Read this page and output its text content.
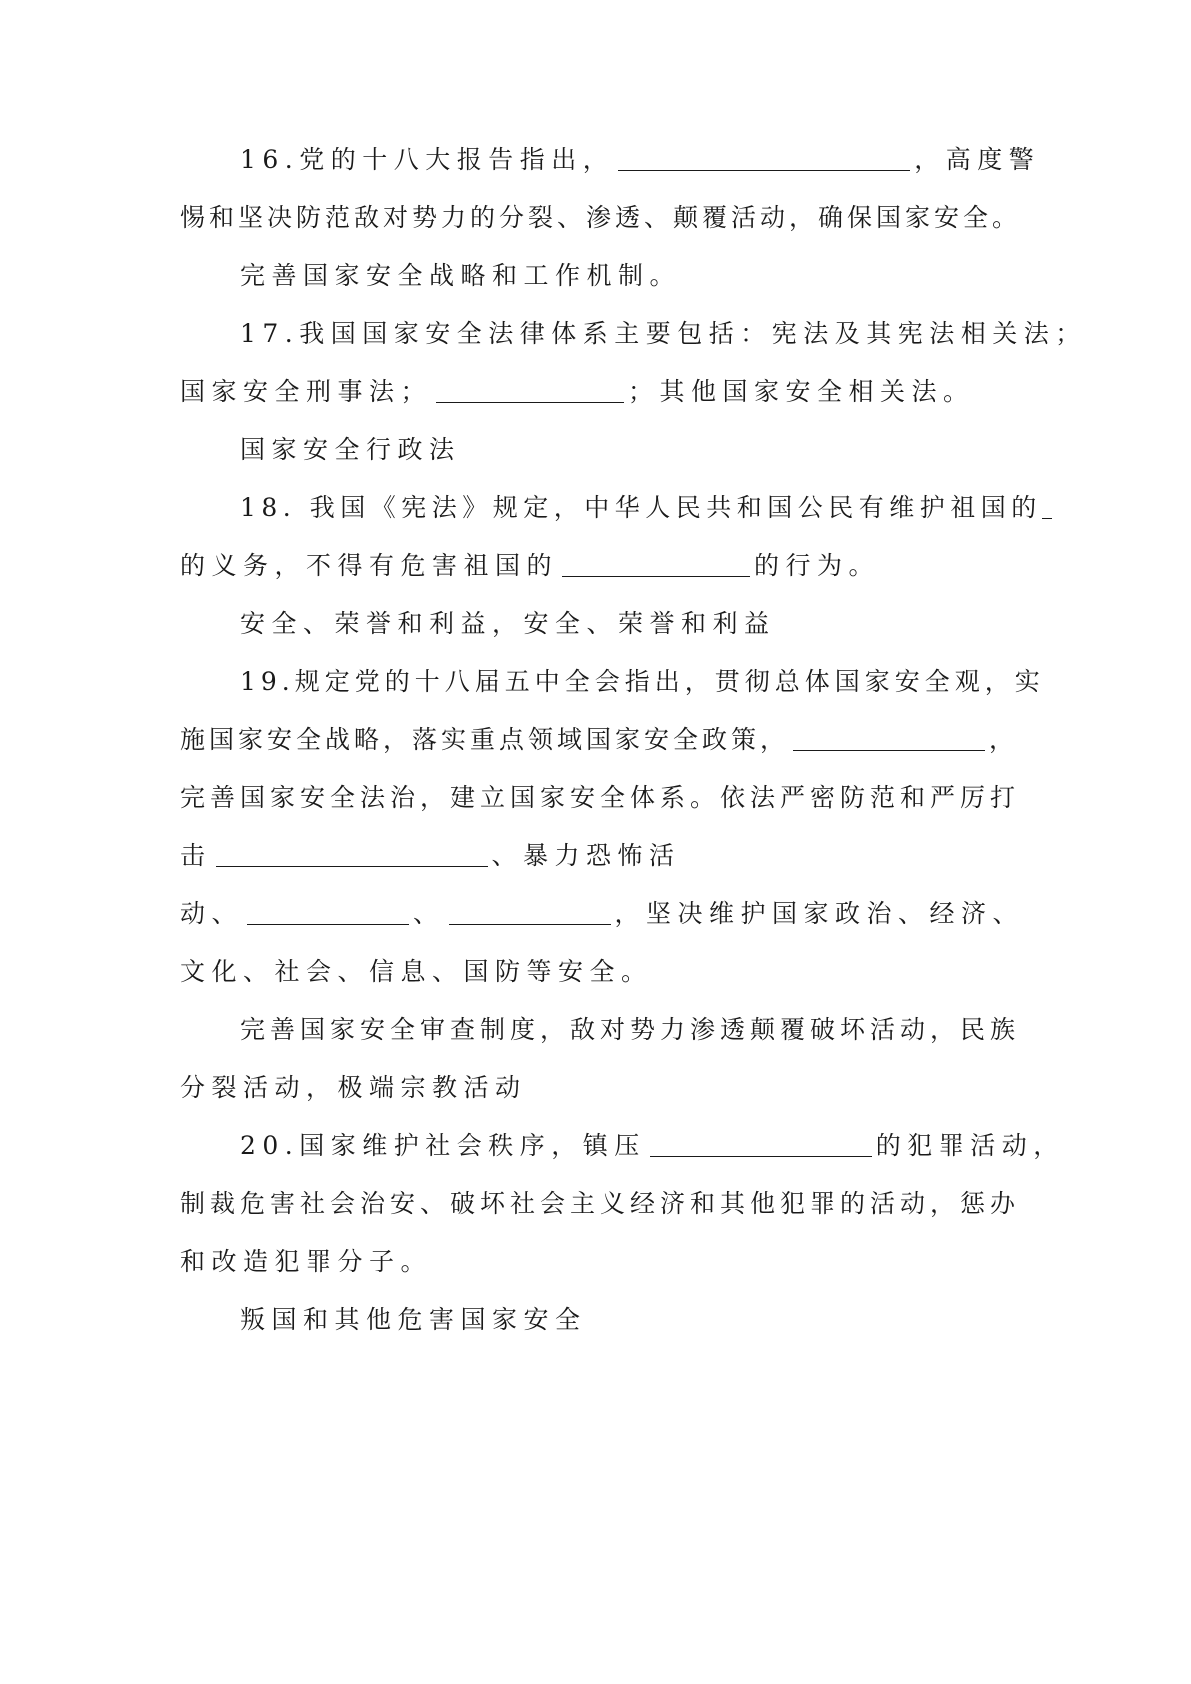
16.党的十八大报告指出，	，高度警
惕和坚决防范敌对势力的分裂、渗透、颠覆活动，确保国家安全。
完善国家安全战略和工作机制。
17.我国国家安全法律体系主要包括：宪法及其宪法相关法；
国家安全刑事法；	；其他国家安全相关法。
国家安全行政法
18. 我国《宪法》规定，中华人民共和国公民有维护祖国的
的义务，不得有危害祖国的	的行为。
安全、荣誉和利益，安全、荣誉和利益
19.规定党的十八届五中全会指出，贯彻总体国家安全观，实
施国家安全战略，落实重点领域国家安全政策，	，
完善国家安全法治，建立国家安全体系。依法严密防范和严厉打
击	、暴力恐怖活
动、	、	，坚决维护国家政治、经济、
文化、社会、信息、国防等安全。
完善国家安全审查制度，敌对势力渗透颠覆破坏活动，民族
分裂活动，极端宗教活动
20.国家维护社会秩序，镇压	的犯罪活动，
制裁危害社会治安、破坏社会主义经济和其他犯罪的活动，惩办
和改造犯罪分子。
叛国和其他危害国家安全
